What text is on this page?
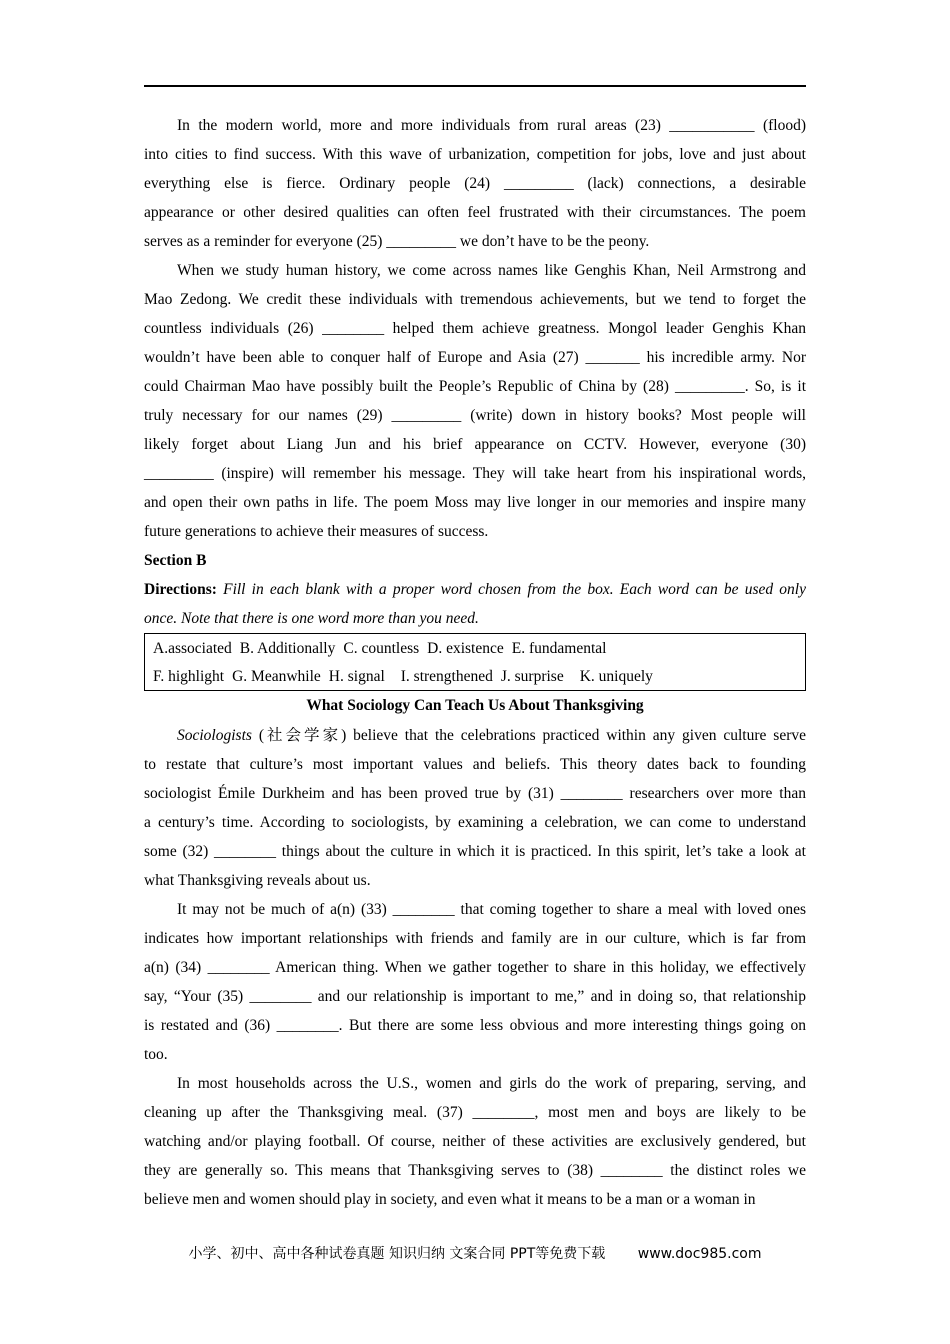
In the modern world, more and more individuals from rural areas (23) ___________ (flood)
into cities to find success. With this wave of urbanization, competition for jobs, love and just about
everything else is fierce. Ordinary people (24) _________ (lack) connections, a desirable
appearance or other desired qualities can often feel frustrated with their circumstances. The poem
serves as a reminder for everyone (25) _________ we don’t have to be the peony.
When we study human history, we come across names like Genghis Khan, Neil Armstrong and
Mao Zedong. We credit these individuals with tremendous achievements, but we tend to forget the
countless individuals (26) ________ helped them achieve greatness. Mongol leader Genghis Khan
wouldn’t have been able to conquer half of Europe and Asia (27) _______ his incredible army. Nor
could Chairman Mao have possibly built the People’s Republic of China by (28) _________. So, is it
truly necessary for our names (29) _________ (write) down in history books? Most people will
likely forget about Liang Jun and his brief appearance on CCTV. However, everyone (30)
_________ (inspire) will remember his message. They will take heart from his inspirational words,
and open their own paths in life. The poem Moss may live longer in our memories and inspire many
future generations to achieve their measures of success.
Section B
Directions: Fill in each blank with a proper word chosen from the box. Each word can be used only
once. Note that there is one word more than you need.
A.associated B. Additionally C. countless D. existence E. fundamental
F. highlight G. Meanwhile H. signal I. strengthened J. surprise K. uniquely
What Sociology Can Teach Us About Thanksgiving
Sociologists (社会学家) believe that the celebrations practiced within any given culture serve
to restate that culture’s most important values and beliefs. This theory dates back to founding
sociologist Émile Durkheim and has been proved true by (31) ________ researchers over more than
a century’s time. According to sociologists, by examining a celebration, we can come to understand
some (32) ________ things about the culture in which it is practiced. In this spirit, let’s take a look at
what Thanksgiving reveals about us.
It may not be much of a(n) (33) ________ that coming together to share a meal with loved ones
indicates how important relationships with friends and family are in our culture, which is far from
a(n) (34) ________ American thing. When we gather together to share in this holiday, we effectively
say, “Your (35) ________ and our relationship is important to me,” and in doing so, that relationship
is restated and (36) ________. But there are some less obvious and more interesting things going on
too.
In most households across the U.S., women and girls do the work of preparing, serving, and
cleaning up after the Thanksgiving meal. (37) ________, most men and boys are likely to be
watching and/or playing football. Of course, neither of these activities are exclusively gendered, but
they are generally so. This means that Thanksgiving serves to (38) ________ the distinct roles we
believe men and women should play in society, and even what it means to be a man or a woman in
小学、初中、高中各种试卷真题 知识归纳 文案合同 PPT等免费下载 www.doc985.com
